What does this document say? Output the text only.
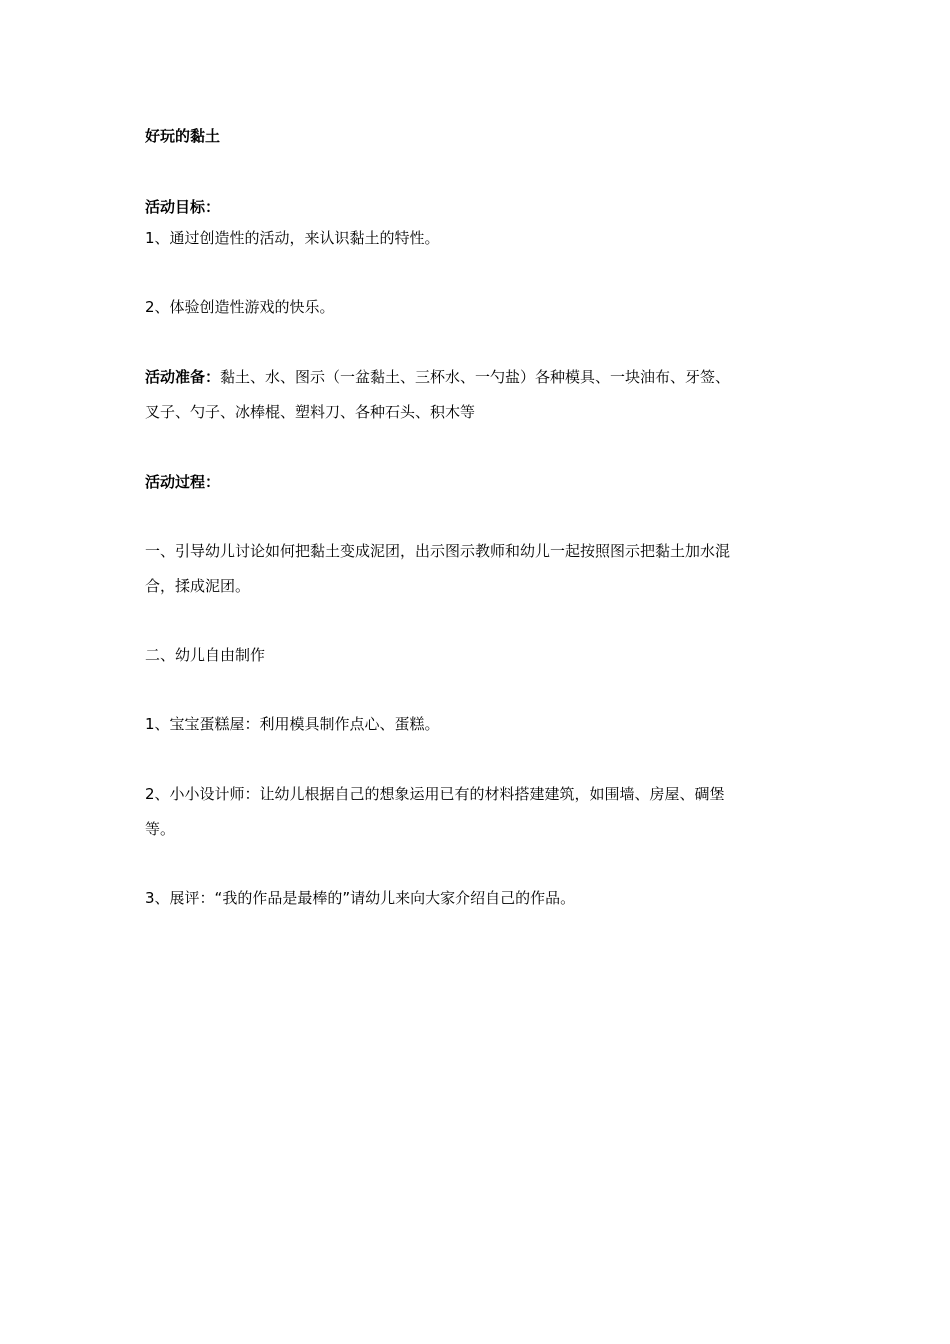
好玩的黏土
活动目标：
1、通过创造性的活动，来认识黏土的特性。
2、体验创造性游戏的快乐。
活动准备：黏土、水、图示（一盆黏土、三杯水、一勺盐）各种模具、一块油布、牙签、
叉子、勺子、冰棒棍、塑料刀、各种石头、积木等
活动过程：
一、引导幼儿讨论如何把黏土变成泥团，出示图示教师和幼儿一起按照图示把黏土加水混
合，揉成泥团。
二、幼儿自由制作
1、宝宝蛋糕屋：利用模具制作点心、蛋糕。
2、小小设计师：让幼儿根据自己的想象运用已有的材料搭建建筑，如围墙、房屋、碉堡
等。
3、展评：“我的作品是最棒的”请幼儿来向大家介绍自己的作品。
